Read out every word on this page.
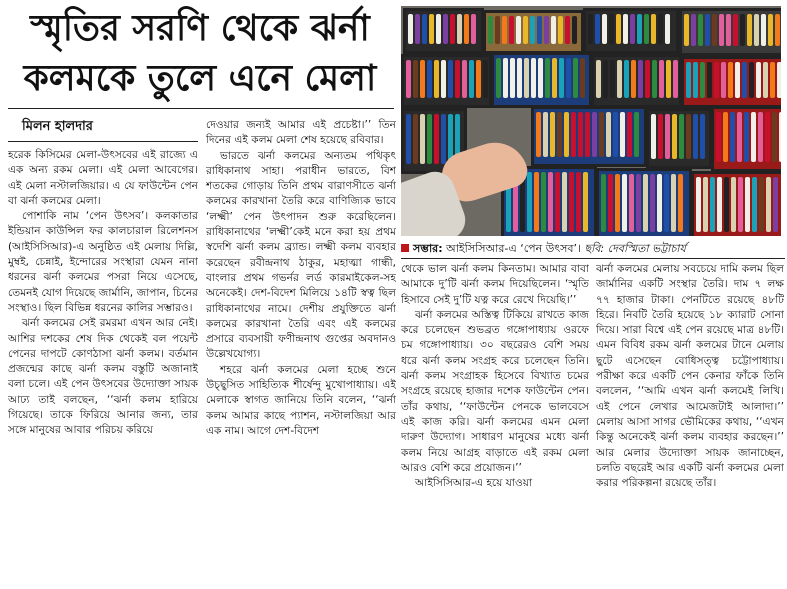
স্মৃতির সরণি থেকে ঝর্না
কলমকে তুলে এনে মেলা
মিলন হালদার

হরেক কিসিমের মেলা-উৎসবের এই রাজ্যে এ এক অন্য রকম মেলা। এই মেলা আবেগের। এই মেলা নস্টালজিয়ার। এ যে ফাউন্টেন পেন বা ঝর্না কলমের মেলা।

পোশাকি নাম ‘পেন উৎসব’। কলকাতার ইন্ডিয়ান কাউন্সিল ফর কালচারাল রিলেশনস (আইসিসিআর)-এ অনুষ্ঠিত এই মেলায় দিল্লি, মুম্বই, চেন্নাই, ইন্দোরের সংস্থারা যেমন নানা ধরনের ঝর্না কলমের পসরা নিয়ে এসেছে, তেমনই যোগ দিয়েছে জার্মানি, জাপান, চিনের সংস্থাও। ছিল বিভিন্ন ধরনের কালির সম্ভারও।

ঝর্না কলমের সেই রমরমা এখন আর নেই। আশির দশকের শেষ দিক থেকেই বল পয়েন্ট পেনের দাপটে কোণঠাসা ঝর্না কলম। বর্তমান প্রজন্মের কাছে ঝর্না কলম বস্তুটি অজানাই বলা চলে। এই পেন উৎসবের উদ্যোক্তা সায়ক আঢ্য তাই বলছেন, ‘‘ঝর্না কলম হারিয়ে গিয়েছে। তাকে ফিরিয়ে আনার জন্য, তার সঙ্গে মানুষের আবার পরিচয় করিয়ে

দেওয়ার জন্যই আমার এই প্রচেষ্টা।’’ তিন দিনের এই কলম মেলা শেষ হয়েছে রবিবার।

ভারতে ঝর্না কলমের অন্যতম পথিকৃৎ রাধিকানাথ সাহা। পরাধীন ভারতে, বিশ শতকের গোড়ায় তিনি প্রথম বারাণসীতে ঝর্না কলমের কারখানা তৈরি করে বাণিজ্যিক ভাবে ‘লক্ষ্মী’ পেন উৎপাদন শুরু করেছিলেন। রাধিকানাথের ‘লক্ষ্মী’কেই মনে করা হয় প্রথম স্বদেশি ঝর্না কলম ব্র্যান্ড। লক্ষ্মী কলম ব্যবহার করেছেন রবীন্দ্রনাথ ঠাকুর, মহাত্মা গান্ধী, বাংলার প্রথম গভর্নর লর্ড কারমাইকেল-সহ অনেকেই। দেশ-বিদেশ মিলিয়ে ১৪টি স্বত্ব ছিল রাধিকানাথের নামে। দেশীয় প্রযুক্তিতে ঝর্না কলমের কারখানা তৈরি এবং এই কলমের প্রসারে ব্যবসায়ী ফণীন্দ্রনাথ গুপ্তের অবদানও উল্লেখযোগ্য।

শহরে ঝর্না কলমের মেলা হচ্ছে শুনে উচ্ছ্বসিত সাহিত্যিক শীর্ষেন্দু মুখোপাধ্যায়। এই মেলাকে স্বাগত জানিয়ে তিনি বলেন, ‘‘ঝর্না কলম আমার কাছে প্যাশন, নস্টালজিয়া আর এক নাম। আগে দেশ-বিদেশ

সম্ভার: আইসিসিআর-এ ‘পেন উৎসব’। ছবি: দেবস্মিতা ভট্টাচার্য

থেকে ভাল ঝর্না কলম কিনতাম। আমার বাবা আমাকে দু’টি ঝর্না কলম দিয়েছিলেন। ‘স্মৃতি হিসাবে সেই দু’টি যত্ন করে রেখে দিয়েছি।’’

ঝর্না কলমের অস্তিত্ব টিকিয়ে রাখতে কাজ করে চলেছেন শুভব্রত গঙ্গোপাধ্যায় ওরফে চম গঙ্গোপাধ্যায়। ৩০ বছরেরও বেশি সময় ধরে ঝর্না কলম সংগ্রহ করে চলেছেন তিনি। ঝর্না কলম সংগ্রাহক হিসেবে বিখ্যাত চমের সংগ্রহে রয়েছে হাজার দশেক ফাউন্টেন পেন। তাঁর কথায়, ‘‘ফাউন্টেন পেনকে ভালবেসে এই কাজ করি। ঝর্না কলমের এমন মেলা দারুণ উদ্যোগ। সাধারণ মানুষের মধ্যে ঝর্না কলম নিয়ে আগ্রহ বাড়াতে এই রকম মেলা আরও বেশি করে প্রয়োজন।’’

আইসিসিআর-এ হয়ে যাওয়া

ঝর্না কলমের মেলায় সবচেয়ে দামি কলম ছিল জার্মানির একটি সংস্থার তৈরি। দাম ৭ লক্ষ ৭৭ হাজার টাকা। পেনটিতে রয়েছে ৪৮টি হিরে। নিবটি তৈরি হয়েছে ১৮ ক্যারাট সোনা দিয়ে। সারা বিশ্বে এই পেন রয়েছে মাত্র ৪৮টি। এমন বিবিধ রকম ঝর্না কলমের টানে মেলায় ছুটে এসেছেন বোধিসত্ত্ব চট্টোপাধ্যায়। পরীক্ষা করে একটি পেন কেনার ফাঁকে তিনি বললেন, ‘‘আমি এখন ঝর্না কলমেই লিখি। এই পেনে লেখার আমেজটাই আলাদা।’’ মেলায় আসা সাগর ভৌমিকের কথায়, ‘‘এখন কিন্তু অনেকেই ঝর্না কলম ব্যবহার করছেন।’’ আর মেলার উদ্যোক্তা সায়ক জানাচ্ছেন, চলতি বছরেই আর একটি ঝর্না কলমের মেলা করার পরিকল্পনা রয়েছে তাঁর।
